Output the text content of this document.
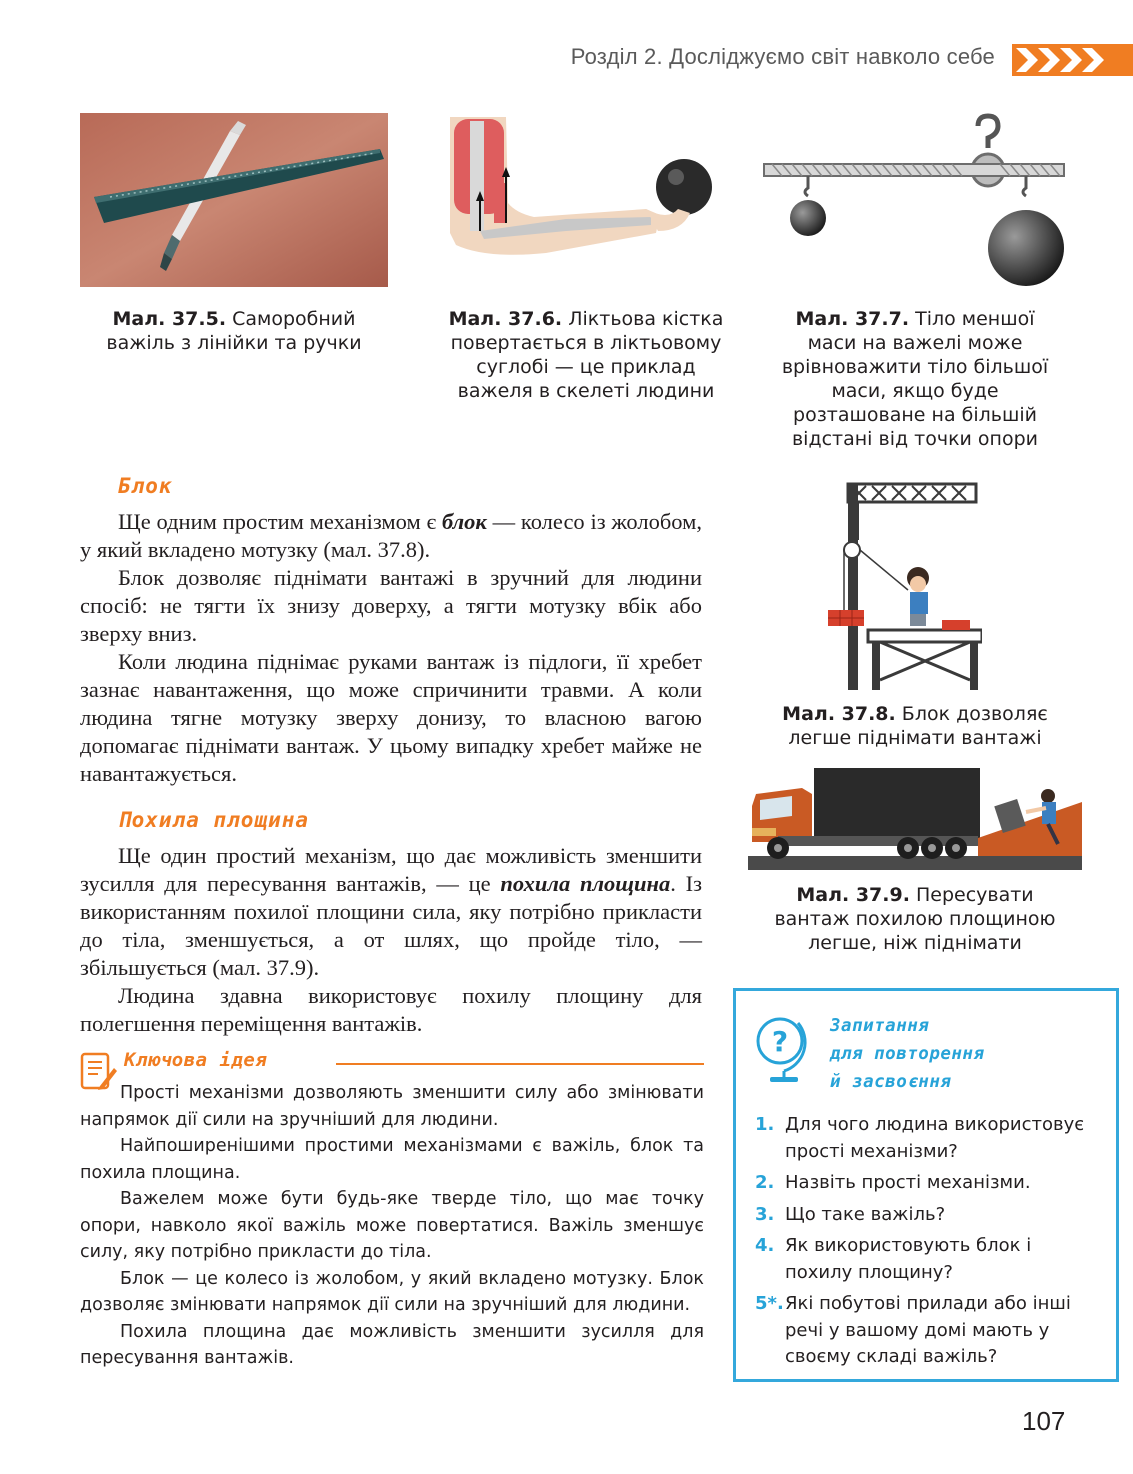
Розділ 2. Досліджуємо світ навколо себе
Мал. 37.5. Саморобний важіль з лінійки та ручки
Мал. 37.6. Ліктьова кістка повертається в ліктьовому суглобі — це приклад важеля в скелеті людини
Мал. 37.7. Тіло меншої маси на важелі може врівноважити тіло більшої маси, якщо буде розташоване на більшій відстані від точки опори
Блок

Ще одним простим механізмом є блок — колесо із жолобом, у який вкладено мотузку (мал. 37.8).

Блок дозволяє піднімати вантажі в зручний для людини спосіб: не тягти їх знизу доверху, а тягти мотузку вбік або зверху вниз.

Коли людина піднімає руками вантаж із підлоги, її хребет зазнає навантаження, що може спричинити травми. А коли людина тягне мотузку зверху донизу, то власною вагою допомагає піднімати вантаж. У цьому випадку хребет майже не навантажується.

Мал. 37.8. Блок дозволяє легше піднімати вантажі
Мал. 37.9. Пересувати вантаж похилою площиною легше, ніж піднімати
Похила площина

Ще один простий механізм, що дає можливість зменшити зусилля для пересування вантажів, — це похила площина. Із використанням похилої площини сила, яку потрібно прикласти до тіла, зменшується, а от шлях, що пройде тіло, — збільшується (мал. 37.9).

Людина здавна використовує похилу площину для полегшення переміщення вантажів.

Ключова ідея

Прості механізми дозволяють зменшити силу або змінювати напрямок дії сили на зручніший для людини.

Найпоширенішими простими механізмами є важіль, блок та похила площина.

Важелем може бути будь-яке тверде тіло, що має точку опори, навколо якої важіль може повертатися. Важіль зменшує силу, яку потрібно прикласти до тіла.

Блок — це колесо із жолобом, у який вкладено мотузку. Блок дозволяє змінювати напрямок дії сили на зручніший для людини.

Похила площина дає можливість зменшити зусилля для пересування вантажів.

? Запитання
для повторення
й засвоєння
1. Для чого людина використовує прості механізми?
2. Назвіть прості механізми.
3. Що таке важіль?
4. Як використовують блок і похилу площину?
5*. Які побутові прилади або інші речі у вашому домі мають у своєму складі важіль?
107
